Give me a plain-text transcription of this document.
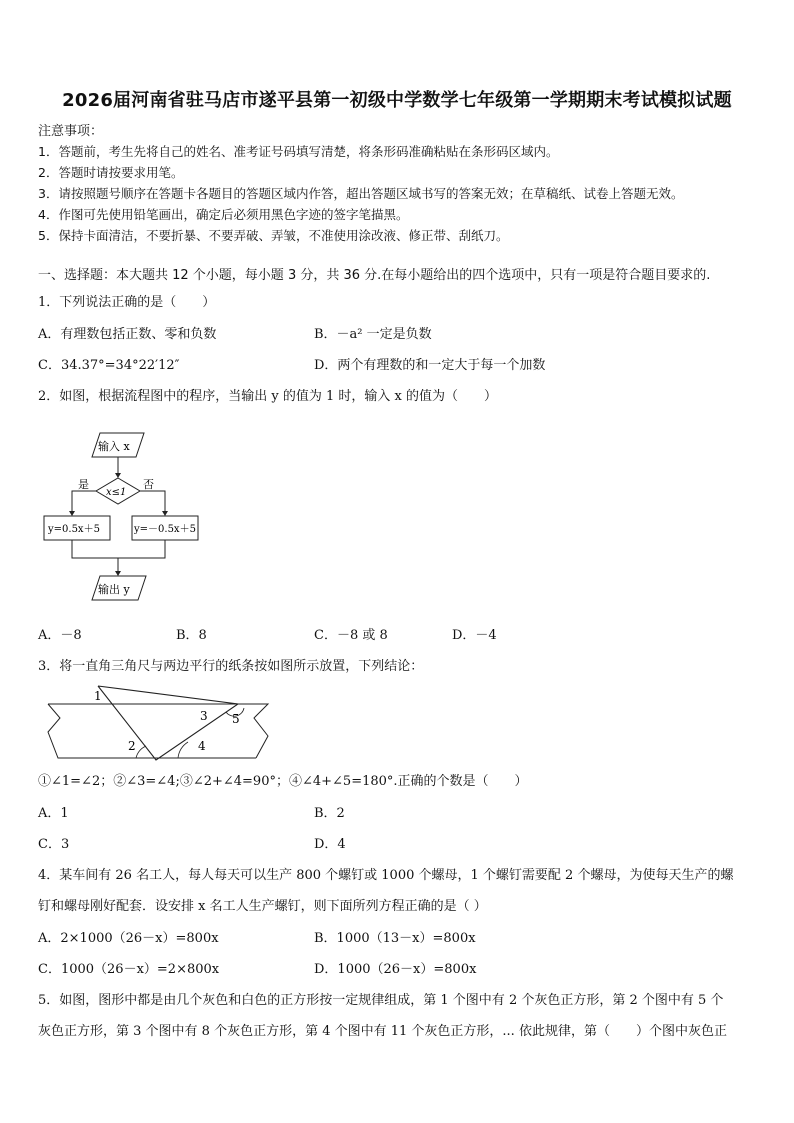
2026届河南省驻马店市遂平县第一初级中学数学七年级第一学期期末考试模拟试题
注意事项：
1．答题前，考生先将自己的姓名、准考证号码填写清楚，将条形码准确粘贴在条形码区域内。
2．答题时请按要求用笔。
3．请按照题号顺序在答题卡各题目的答题区域内作答，超出答题区域书写的答案无效；在草稿纸、试卷上答题无效。
4．作图可先使用铅笔画出，确定后必须用黑色字迹的签字笔描黑。
5．保持卡面清洁，不要折暴、不要弄破、弄皱，不准使用涂改液、修正带、刮纸刀。
一、选择题：本大题共 12 个小题，每小题 3 分，共 36 分.在每小题给出的四个选项中，只有一项是符合题目要求的.
1．下列说法正确的是（　　）
A．有理数包括正数、零和负数	B．－a² 一定是负数
C．34.37°=34°22′12″	D．两个有理数的和一定大于每一个加数
2．如图，根据流程图中的程序，当输出 y 的值为 1 时，输入 x 的值为（　　）
输入 x
x≤1
是	否
y=0.5x＋5	y=－0.5x＋5
输出 y
A．－8	B．8	C．－8 或 8	D．－4
3．将一直角三角尺与两边平行的纸条按如图所示放置，下列结论：
1
2
3
4
5
①∠1=∠2；②∠3=∠4;③∠2+∠4=90°；④∠4+∠5=180°.正确的个数是（　　）
A．1	B．2
C．3	D．4
4．某车间有 26 名工人，每人每天可以生产 800 个螺钉或 1000 个螺母，1 个螺钉需要配 2 个螺母，为使每天生产的螺
钉和螺母刚好配套．设安排 x 名工人生产螺钉，则下面所列方程正确的是（ ）
A．2×1000（26－x）=800x	B．1000（13－x）=800x
C．1000（26－x）=2×800x	D．1000（26－x）=800x
5．如图，图形中都是由几个灰色和白色的正方形按一定规律组成，第 1 个图中有 2 个灰色正方形，第 2 个图中有 5 个
灰色正方形，第 3 个图中有 8 个灰色正方形，第 4 个图中有 11 个灰色正方形，... 依此规律，第（　　）个图中灰色正
